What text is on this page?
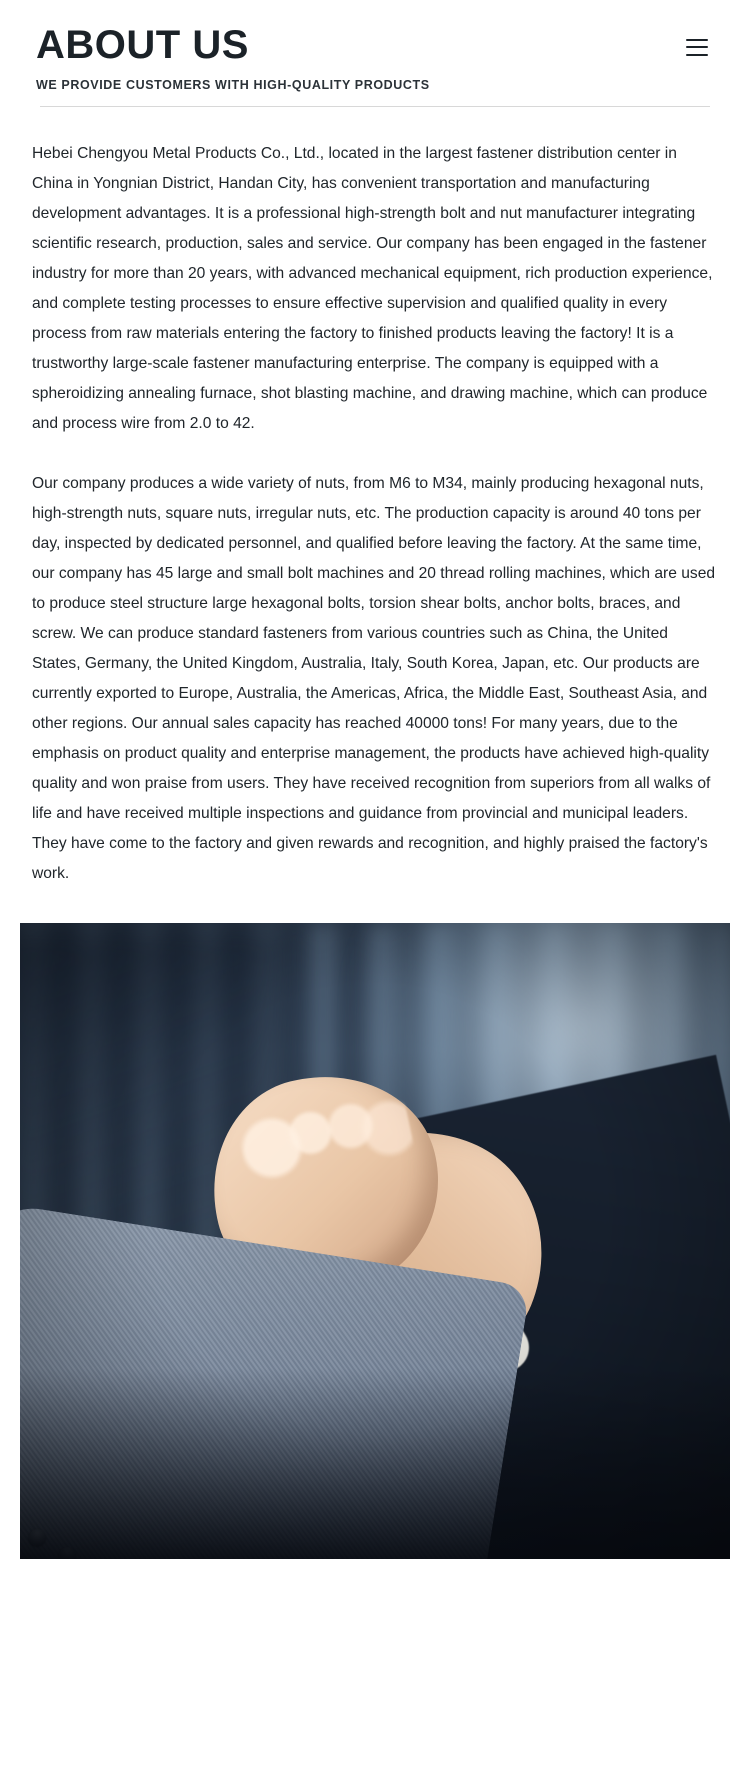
ABOUT US
WE PROVIDE CUSTOMERS WITH HIGH-QUALITY PRODUCTS

Hebei Chengyou Metal Products Co., Ltd., located in the largest fastener distribution center in China in Yongnian District, Handan City, has convenient transportation and manufacturing development advantages. It is a professional high-strength bolt and nut manufacturer integrating scientific research, production, sales and service. Our company has been engaged in the fastener industry for more than 20 years, with advanced mechanical equipment, rich production experience, and complete testing processes to ensure effective supervision and qualified quality in every process from raw materials entering the factory to finished products leaving the factory! It is a trustworthy large-scale fastener manufacturing enterprise. The company is equipped with a spheroidizing annealing furnace, shot blasting machine, and drawing machine, which can produce and process wire from 2.0 to 42.

Our company produces a wide variety of nuts, from M6 to M34, mainly producing hexagonal nuts, high-strength nuts, square nuts, irregular nuts, etc. The production capacity is around 40 tons per day, inspected by dedicated personnel, and qualified before leaving the factory. At the same time, our company has 45 large and small bolt machines and 20 thread rolling machines, which are used to produce steel structure large hexagonal bolts, torsion shear bolts, anchor bolts, braces, and screw. We can produce standard fasteners from various countries such as China, the United States, Germany, the United Kingdom, Australia, Italy, South Korea, Japan, etc. Our products are currently exported to Europe, Australia, the Americas, Africa, the Middle East, Southeast Asia, and other regions. Our annual sales capacity has reached 40000 tons! For many years, due to the emphasis on product quality and enterprise management, the products have achieved high-quality quality and won praise from users. They have received recognition from superiors from all walks of life and have received multiple inspections and guidance from provincial and municipal leaders. They have come to the factory and given rewards and recognition, and highly praised the factory's work.
